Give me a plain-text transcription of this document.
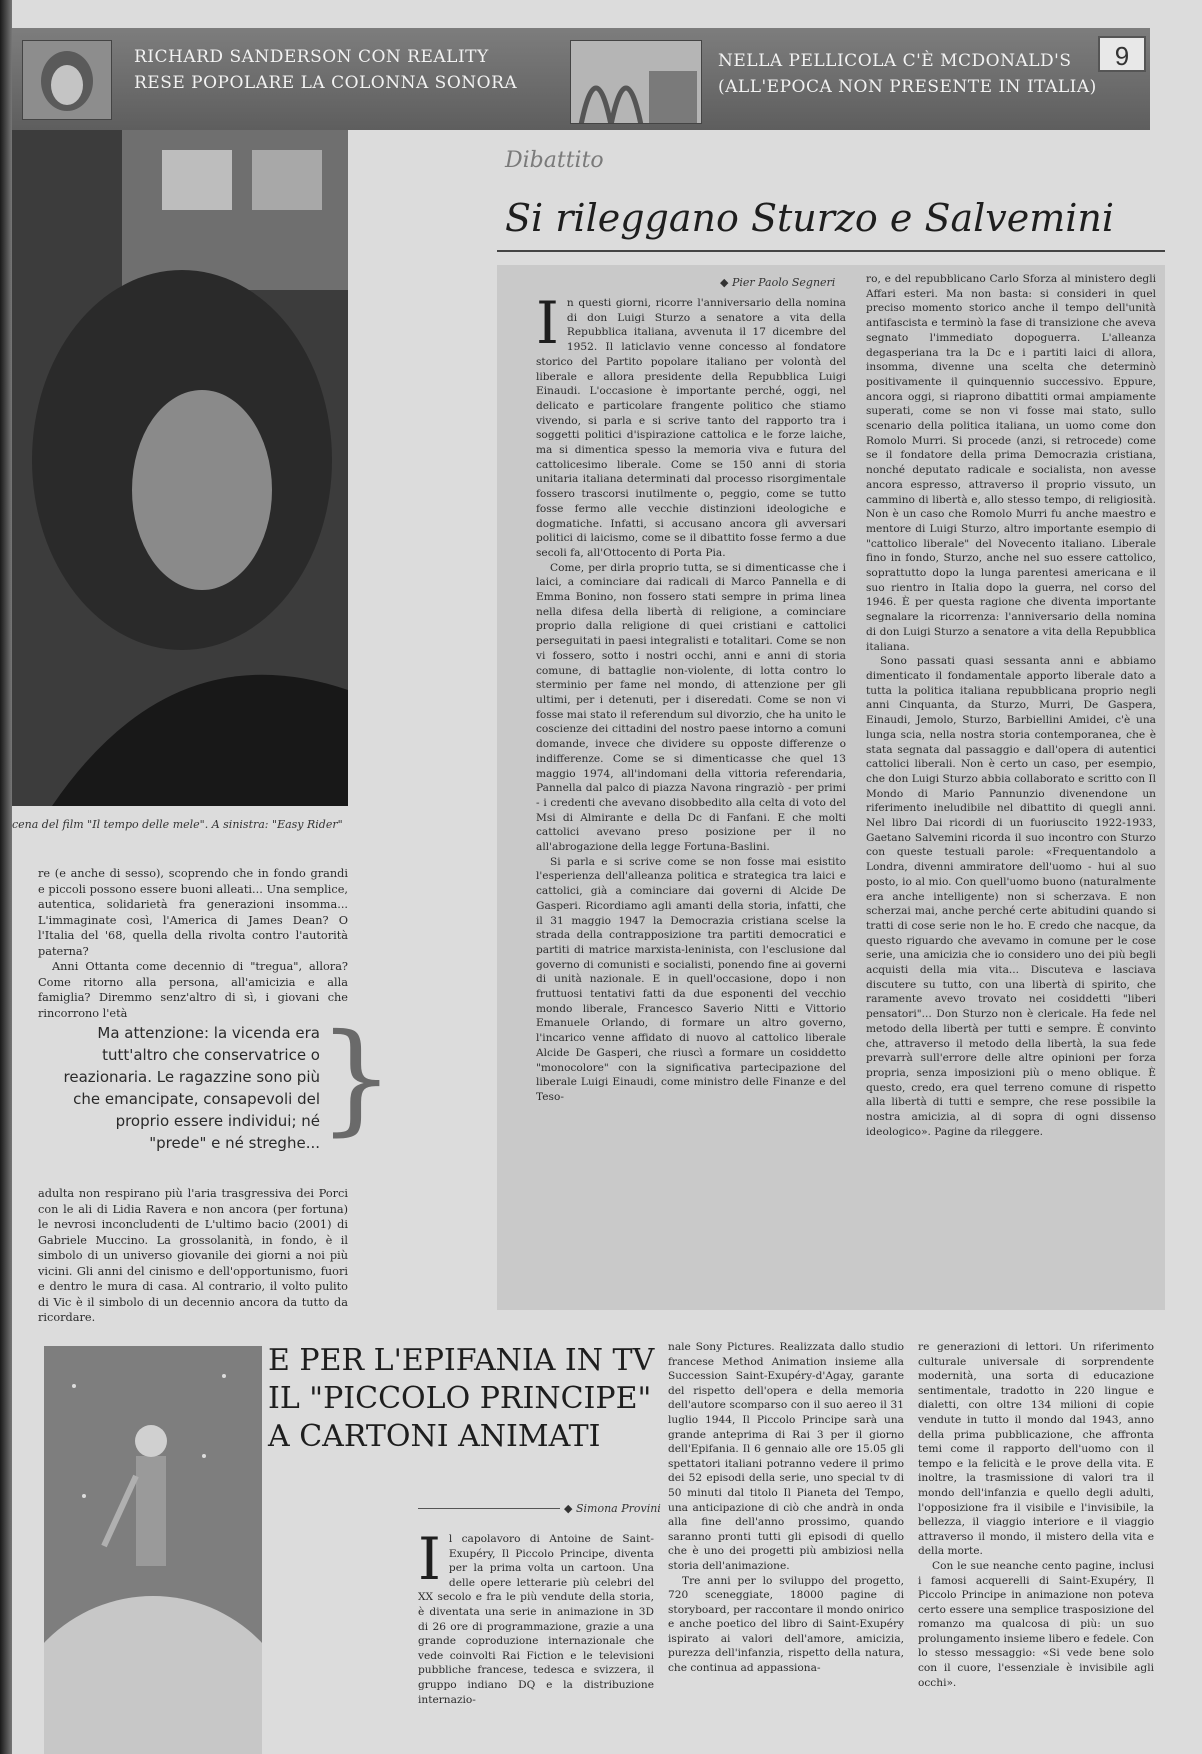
RICHARD SANDERSON CON REALITY
RESE POPOLARE LA COLONNA SONORA
NELLA PELLICOLA C'È MCDONALD'S
(ALL'EPOCA NON PRESENTE IN ITALIA)
9
cena del film "Il tempo delle mele". A sinistra: "Easy Rider"

re (e anche di sesso), scoprendo che in fondo grandi e piccoli possono essere buoni alleati... Una semplice, autentica, solidarietà fra generazioni insomma... L'immaginate così, l'America di James Dean? O l'Italia del '68, quella della rivolta contro l'autorità paterna?

Anni Ottanta come decennio di "tregua", allora? Come ritorno alla persona, all'amicizia e alla famiglia? Diremmo senz'altro di sì, i giovani che rincorrono l'età

Ma attenzione: la vicenda era tutt'altro che conservatrice o reazionaria. Le ragazzine sono più che emancipate, consapevoli del proprio essere individui; né "prede" e né streghe...
}

adulta non respirano più l'aria trasgressiva dei Porci con le ali di Lidia Ravera e non ancora (per fortuna) le nevrosi inconcludenti de L'ultimo bacio (2001) di Gabriele Muccino. La grossolanità, in fondo, è il simbolo di un universo giovanile dei giorni a noi più vicini. Gli anni del cinismo e dell'opportunismo, fuori e dentro le mura di casa. Al contrario, il volto pulito di Vic è il simbolo di un decennio ancora da tutto da ricordare.

Dibattito
Si rileggano Sturzo e Salvemini
◆ Pier Paolo Segneri

In questi giorni, ricorre l'anniversario della nomina di don Luigi Sturzo a senatore a vita della Repubblica italiana, avvenuta il 17 dicembre del 1952. Il laticlavio venne concesso al fondatore storico del Partito popolare italiano per volontà del liberale e allora presidente della Repubblica Luigi Einaudi. L'occasione è importante perché, oggi, nel delicato e particolare frangente politico che stiamo vivendo, si parla e si scrive tanto del rapporto tra i soggetti politici d'ispirazione cattolica e le forze laiche, ma si dimentica spesso la memoria viva e futura del cattolicesimo liberale. Come se 150 anni di storia unitaria italiana determinati dal processo risorgimentale fossero trascorsi inutilmente o, peggio, come se tutto fosse fermo alle vecchie distinzioni ideologiche e dogmatiche. Infatti, si accusano ancora gli avversari politici di laicismo, come se il dibattito fosse fermo a due secoli fa, all'Ottocento di Porta Pia.

Come, per dirla proprio tutta, se si dimenticasse che i laici, a cominciare dai radicali di Marco Pannella e di Emma Bonino, non fossero stati sempre in prima linea nella difesa della libertà di religione, a cominciare proprio dalla religione di quei cristiani e cattolici perseguitati in paesi integralisti e totalitari. Come se non vi fossero, sotto i nostri occhi, anni e anni di storia comune, di battaglie non-violente, di lotta contro lo sterminio per fame nel mondo, di attenzione per gli ultimi, per i detenuti, per i diseredati. Come se non vi fosse mai stato il referendum sul divorzio, che ha unito le coscienze dei cittadini del nostro paese intorno a comuni domande, invece che dividere su opposte differenze o indifferenze. Come se si dimenticasse che quel 13 maggio 1974, all'indomani della vittoria referendaria, Pannella dal palco di piazza Navona ringraziò - per primi - i credenti che avevano disobbedito alla celta di voto del Msi di Almirante e della Dc di Fanfani. E che molti cattolici avevano preso posizione per il no all'abrogazione della legge Fortuna-Baslini.

Si parla e si scrive come se non fosse mai esistito l'esperienza dell'alleanza politica e strategica tra laici e cattolici, già a cominciare dai governi di Alcide De Gasperi. Ricordiamo agli amanti della storia, infatti, che il 31 maggio 1947 la Democrazia cristiana scelse la strada della contrapposizione tra partiti democratici e partiti di matrice marxista-leninista, con l'esclusione dal governo di comunisti e socialisti, ponendo fine ai governi di unità nazionale. E in quell'occasione, dopo i non fruttuosi tentativi fatti da due esponenti del vecchio mondo liberale, Francesco Saverio Nitti e Vittorio Emanuele Orlando, di formare un altro governo, l'incarico venne affidato di nuovo al cattolico liberale Alcide De Gasperi, che riuscì a formare un cosiddetto "monocolore" con la significativa partecipazione del liberale Luigi Einaudi, come ministro delle Finanze e del Teso-

ro, e del repubblicano Carlo Sforza al ministero degli Affari esteri. Ma non basta: si consideri in quel preciso momento storico anche il tempo dell'unità antifascista e terminò la fase di transizione che aveva segnato l'immediato dopoguerra. L'alleanza degasperiana tra la Dc e i partiti laici di allora, insomma, divenne una scelta che determinò positivamente il quinquennio successivo. Eppure, ancora oggi, si riaprono dibattiti ormai ampiamente superati, come se non vi fosse mai stato, sullo scenario della politica italiana, un uomo come don Romolo Murri. Si procede (anzi, si retrocede) come se il fondatore della prima Democrazia cristiana, nonché deputato radicale e socialista, non avesse ancora espresso, attraverso il proprio vissuto, un cammino di libertà e, allo stesso tempo, di religiosità. Non è un caso che Romolo Murri fu anche maestro e mentore di Luigi Sturzo, altro importante esempio di "cattolico liberale" del Novecento italiano. Liberale fino in fondo, Sturzo, anche nel suo essere cattolico, soprattutto dopo la lunga parentesi americana e il suo rientro in Italia dopo la guerra, nel corso del 1946. È per questa ragione che diventa importante segnalare la ricorrenza: l'anniversario della nomina di don Luigi Sturzo a senatore a vita della Repubblica italiana.

Sono passati quasi sessanta anni e abbiamo dimenticato il fondamentale apporto liberale dato a tutta la politica italiana repubblicana proprio negli anni Cinquanta, da Sturzo, Murri, De Gaspera, Einaudi, Jemolo, Sturzo, Barbiellini Amidei, c'è una lunga scia, nella nostra storia contemporanea, che è stata segnata dal passaggio e dall'opera di autentici cattolici liberali. Non è certo un caso, per esempio, che don Luigi Sturzo abbia collaborato e scritto con Il Mondo di Mario Pannunzio divenendone un riferimento ineludibile nel dibattito di quegli anni. Nel libro Dai ricordi di un fuoriuscito 1922-1933, Gaetano Salvemini ricorda il suo incontro con Sturzo con queste testuali parole: «Frequentandolo a Londra, divenni ammiratore dell'uomo - hui al suo posto, io al mio. Con quell'uomo buono (naturalmente era anche intelligente) non si scherzava. E non scherzai mai, anche perché certe abitudini quando si tratti di cose serie non le ho. E credo che nacque, da questo riguardo che avevamo in comune per le cose serie, una amicizia che io considero uno dei più begli acquisti della mia vita... Discuteva e lasciava discutere su tutto, con una libertà di spirito, che raramente avevo trovato nei cosiddetti "liberi pensatori"... Don Sturzo non è clericale. Ha fede nel metodo della libertà per tutti e sempre. È convinto che, attraverso il metodo della libertà, la sua fede prevarrà sull'errore delle altre opinioni per forza propria, senza imposizioni più o meno oblique. È questo, credo, era quel terreno comune di rispetto alla libertà di tutti e sempre, che rese possibile la nostra amicizia, al di sopra di ogni dissenso ideologico». Pagine da rileggere.

E PER L'EPIFANIA IN TV
IL "PICCOLO PRINCIPE"
A CARTONI ANIMATI
◆ Simona Provini

Il capolavoro di Antoine de Saint-Exupéry, Il Piccolo Principe, diventa per la prima volta un cartoon. Una delle opere letterarie più celebri del XX secolo e fra le più vendute della storia, è diventata una serie in animazione in 3D di 26 ore di programmazione, grazie a una grande coproduzione internazionale che vede coinvolti Rai Fiction e le televisioni pubbliche francese, tedesca e svizzera, il gruppo indiano DQ e la distribuzione internazio-

nale Sony Pictures. Realizzata dallo studio francese Method Animation insieme alla Succession Saint-Exupéry-d'Agay, garante del rispetto dell'opera e della memoria dell'autore scomparso con il suo aereo il 31 luglio 1944, Il Piccolo Principe sarà una grande anteprima di Rai 3 per il giorno dell'Epifania. Il 6 gennaio alle ore 15.05 gli spettatori italiani potranno vedere il primo dei 52 episodi della serie, uno special tv di 50 minuti dal titolo Il Pianeta del Tempo, una anticipazione di ciò che andrà in onda alla fine dell'anno prossimo, quando saranno pronti tutti gli episodi di quello che è uno dei progetti più ambiziosi nella storia dell'animazione.

Tre anni per lo sviluppo del progetto, 720 sceneggiate, 18000 pagine di storyboard, per raccontare il mondo onirico e anche poetico del libro di Saint-Exupéry ispirato ai valori dell'amore, amicizia, purezza dell'infanzia, rispetto della natura, che continua ad appassiona-

re generazioni di lettori. Un riferimento culturale universale di sorprendente modernità, una sorta di educazione sentimentale, tradotto in 220 lingue e dialetti, con oltre 134 milioni di copie vendute in tutto il mondo dal 1943, anno della prima pubblicazione, che affronta temi come il rapporto dell'uomo con il tempo e la felicità e le prove della vita. E inoltre, la trasmissione di valori tra il mondo dell'infanzia e quello degli adulti, l'opposizione fra il visibile e l'invisibile, la bellezza, il viaggio interiore e il viaggio attraverso il mondo, il mistero della vita e della morte.

Con le sue neanche cento pagine, inclusi i famosi acquerelli di Saint-Exupéry, Il Piccolo Principe in animazione non poteva certo essere una semplice trasposizione del romanzo ma qualcosa di più: un suo prolungamento insieme libero e fedele. Con lo stesso messaggio: «Si vede bene solo con il cuore, l'essenziale è invisibile agli occhi».
